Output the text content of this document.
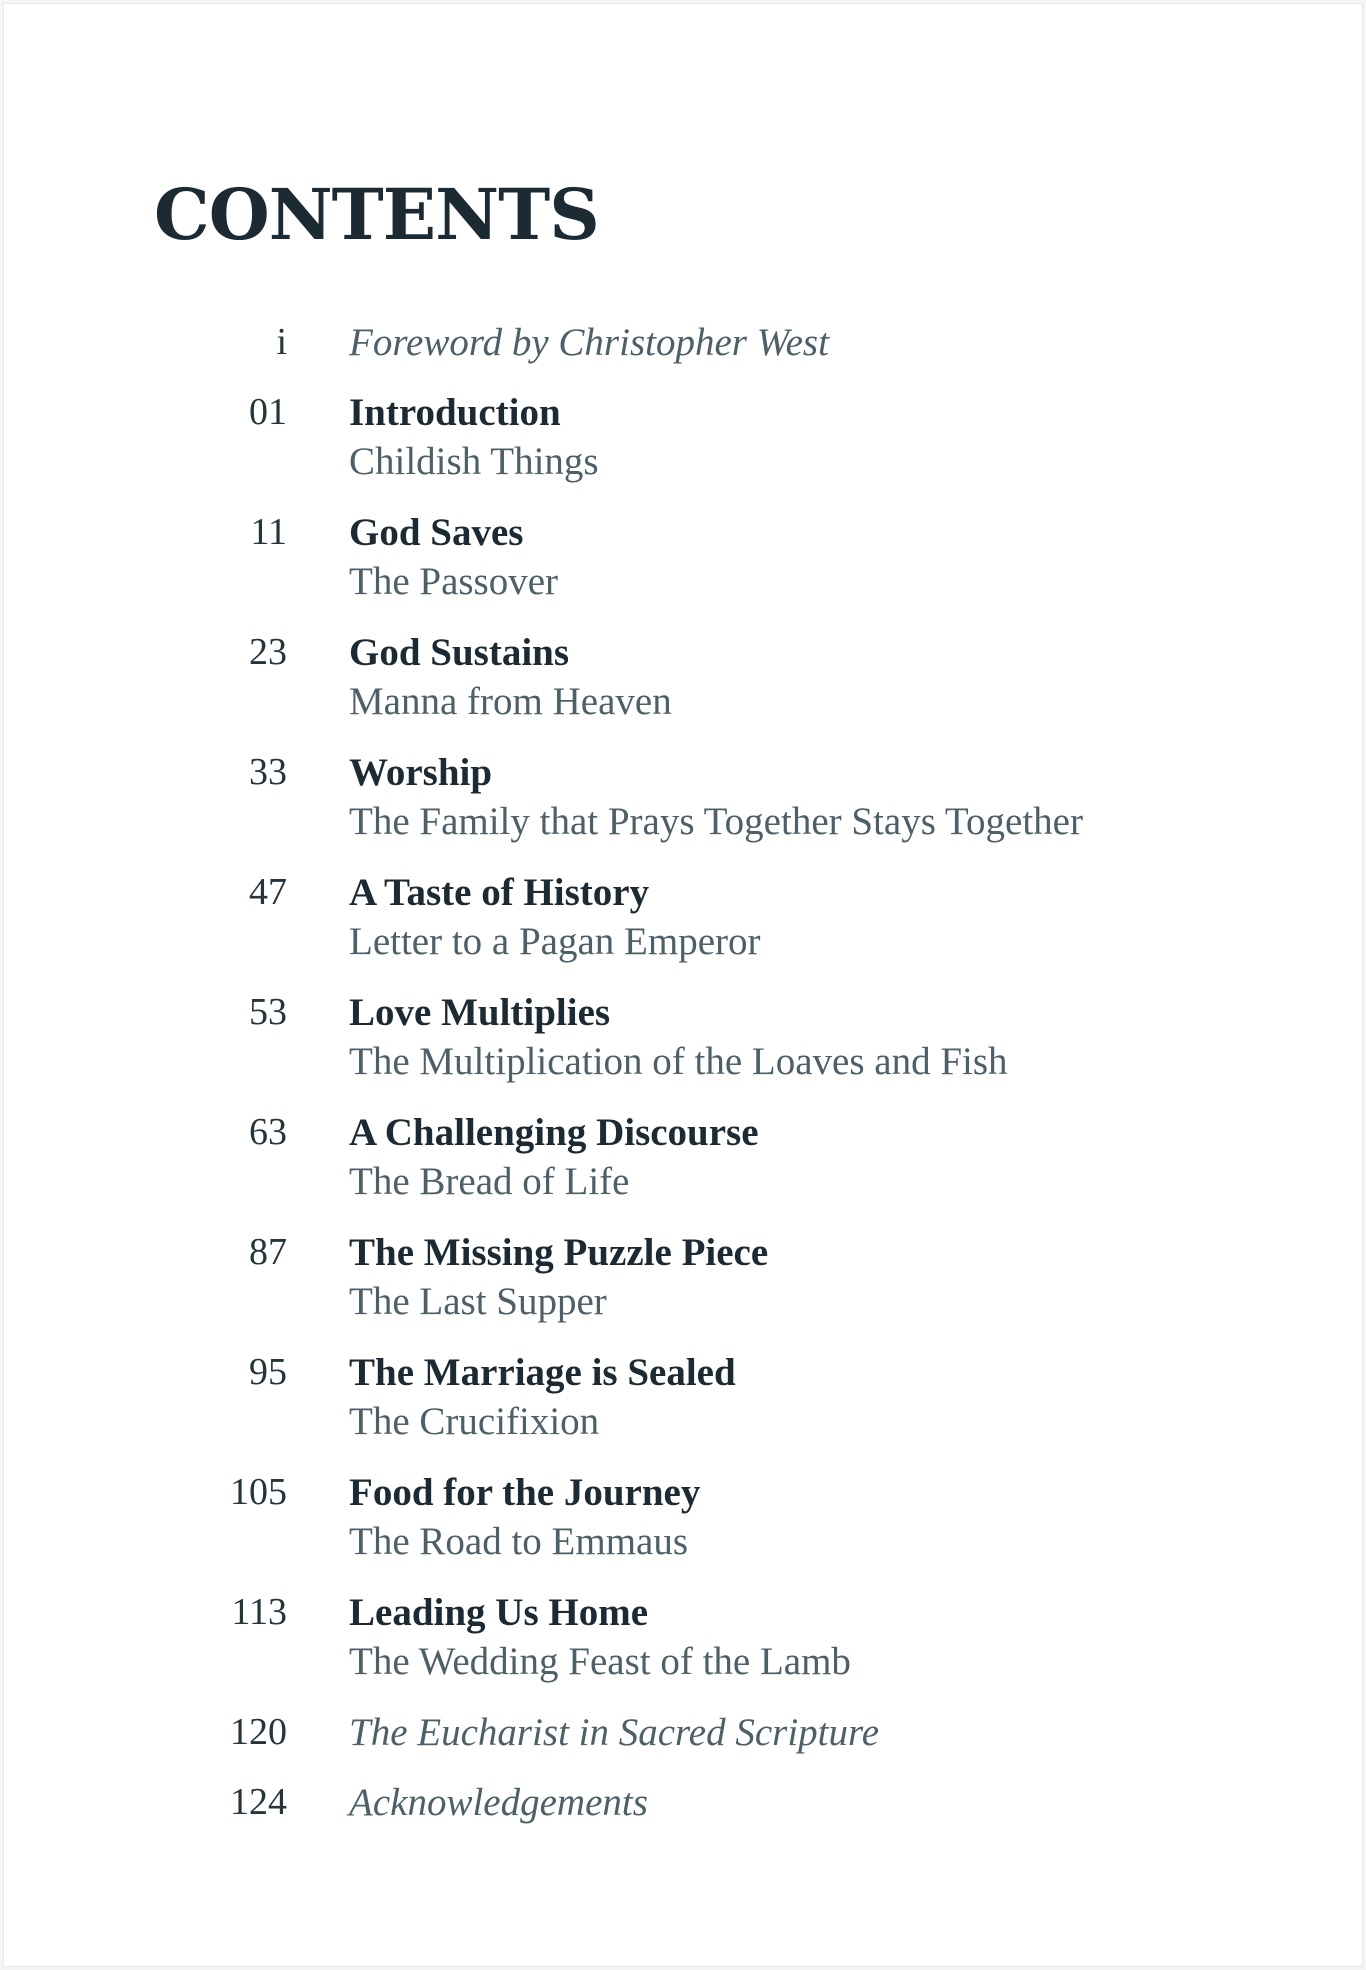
CONTENTS
i Foreword by Christopher West
01 Introduction
Childish Things
11 God Saves
The Passover
23 God Sustains
Manna from Heaven
33 Worship
The Family that Prays Together Stays Together
47 A Taste of History
Letter to a Pagan Emperor
53 Love Multiplies
The Multiplication of the Loaves and Fish
63 A Challenging Discourse
The Bread of Life
87 The Missing Puzzle Piece
The Last Supper
95 The Marriage is Sealed
The Crucifixion
105 Food for the Journey
The Road to Emmaus
113 Leading Us Home
The Wedding Feast of the Lamb
120 The Eucharist in Sacred Scripture
124 Acknowledgements
